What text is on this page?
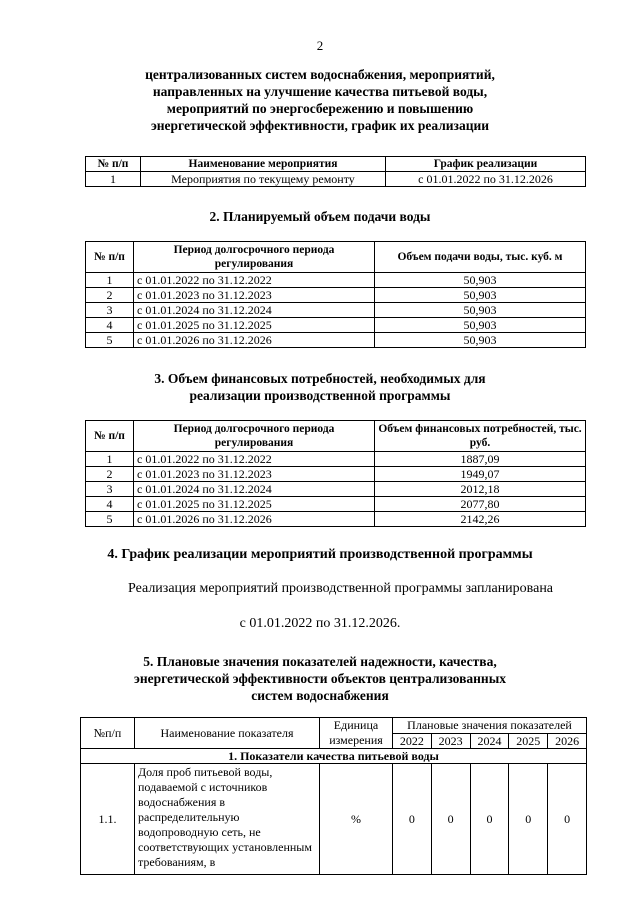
2
централизованных систем водоснабжения, мероприятий,
направленных на улучшение качества питьевой воды,
мероприятий по энергосбережению и повышению
энергетической эффективности, график их реализации
№ п/п	Наименование мероприятия	График реализации
1	Мероприятия по текущему ремонту	с 01.01.2022 по 31.12.2026
2. Планируемый объем подачи воды
№ п/п	Период долгосрочного периода регулирования	Объем подачи воды, тыс. куб. м
1	с 01.01.2022 по 31.12.2022	50,903
2	с 01.01.2023 по 31.12.2023	50,903
3	с 01.01.2024 по 31.12.2024	50,903
4	с 01.01.2025 по 31.12.2025	50,903
5	с 01.01.2026 по 31.12.2026	50,903
3. Объем финансовых потребностей, необходимых для
реализации производственной программы
№ п/п	Период долгосрочного периода регулирования	Объем финансовых потребностей, тыс. руб.
1	с 01.01.2022 по 31.12.2022	1887,09
2	с 01.01.2023 по 31.12.2023	1949,07
3	с 01.01.2024 по 31.12.2024	2012,18
4	с 01.01.2025 по 31.12.2025	2077,80
5	с 01.01.2026 по 31.12.2026	2142,26
4. График реализации мероприятий производственной программы
Реализация мероприятий производственной программы запланирована
с 01.01.2022 по 31.12.2026.
5. Плановые значения показателей надежности, качества,
энергетической эффективности объектов централизованных
систем водоснабжения
№п/п	Наименование показателя	Единица измерения	Плановые значения показателей				
			2022	2023	2024	2025	2026
1. Показатели качества питьевой воды							
1.1.	Доля проб питьевой воды, подаваемой с источников водоснабжения в распределительную водопроводную сеть, не соответствующих установленным требованиям, в	%	0	0	0	0	0
